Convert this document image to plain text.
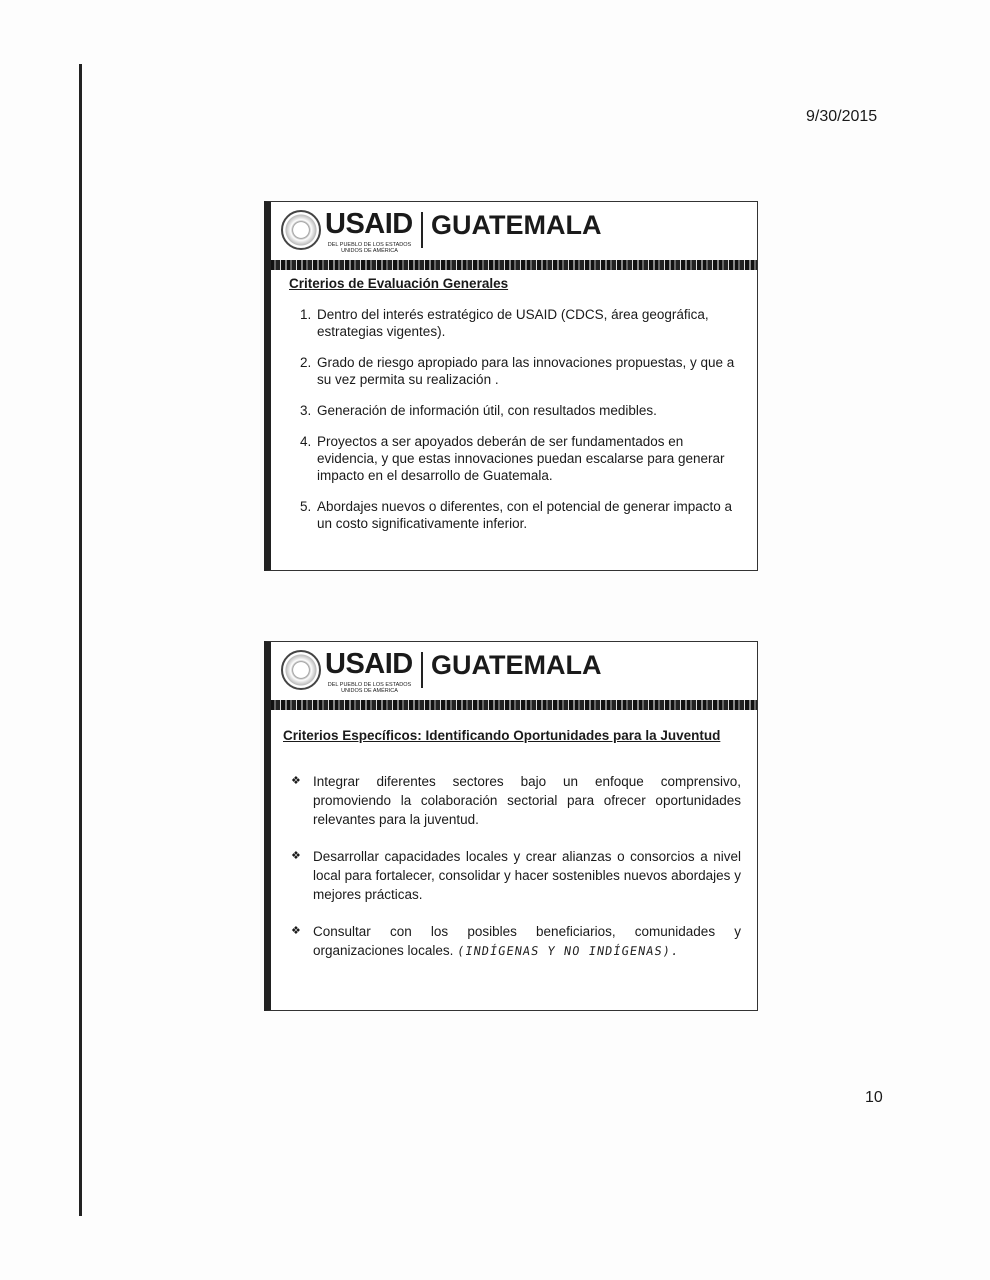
9/30/2015
USAID
DEL PUEBLO DE LOS ESTADOS UNIDOS DE AMÉRICA
GUATEMALA
Criterios de Evaluación Generales
1. Dentro del interés estratégico de USAID (CDCS, área geográfica, estrategias vigentes).
2. Grado de riesgo apropiado para las innovaciones propuestas, y que a su vez permita su realización .
3. Generación de información útil, con resultados medibles.
4. Proyectos a ser apoyados deberán de ser fundamentados en evidencia, y que estas innovaciones puedan escalarse para generar impacto en el desarrollo de Guatemala.
5. Abordajes nuevos o diferentes, con el potencial de generar impacto a un costo significativamente inferior.
USAID
DEL PUEBLO DE LOS ESTADOS UNIDOS DE AMÉRICA
GUATEMALA
Criterios Específicos: Identificando Oportunidades para la Juventud
❖ Integrar diferentes sectores bajo un enfoque comprensivo, promoviendo la colaboración sectorial para ofrecer oportunidades relevantes para la juventud.
❖ Desarrollar capacidades locales y crear alianzas o consorcios a nivel local para fortalecer, consolidar y hacer sostenibles nuevos abordajes y mejores prácticas.
❖ Consultar con los posibles beneficiarios, comunidades y organizaciones locales. (INDÍGENAS Y NO INDÍGENAS).
10
